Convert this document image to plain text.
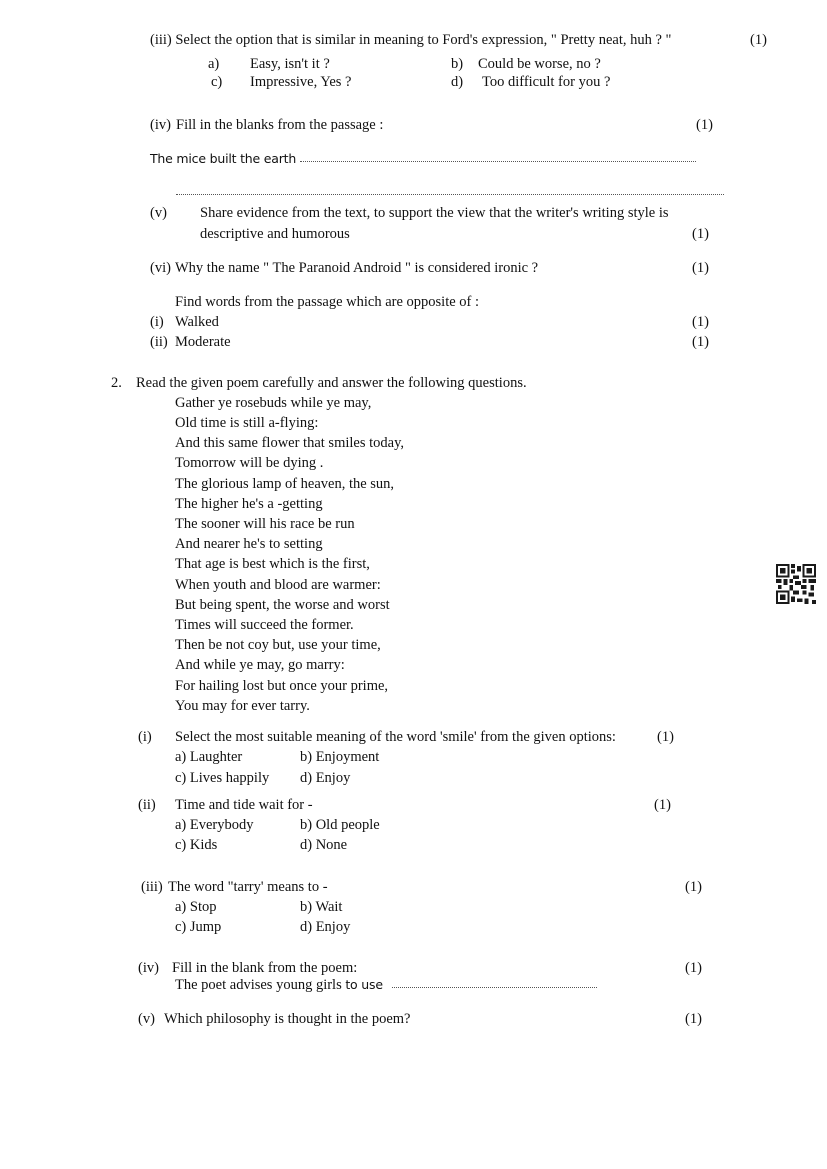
(iii) Select the option that is similar in meaning to Ford's expression, " Pretty neat, huh ? "	(1)
a) Easy, isn't it ?	b) Could be worse, no ?
c) Impressive, Yes ?	d) Too difficult for you ?
(iv) Fill in the blanks from the passage :	(1)
The mice built the earth
(v) Share evidence from the text, to support the view that the writer's writing style is
descriptive and humorous	(1)
(vi) Why the name " The Paranoid Android " is considered ironic ?	(1)
Find words from the passage which are opposite of :
(i) Walked	(1)
(ii) Moderate	(1)
2. Read the given poem carefully and answer the following questions.
Gather ye rosebuds while ye may,
Old time is still a-flying:
And this same flower that smiles today,
Tomorrow will be dying .
The glorious lamp of heaven, the sun,
The higher he's a -getting
The sooner will his race be run
And nearer he's to setting
That age is best which is the first,
When youth and blood are warmer:
But being spent, the worse and worst
Times will succeed the former.
Then be not coy but, use your time,
And while ye may, go marry:
For hailing lost but once your prime,
You may for ever tarry.
(i) Select the most suitable meaning of the word 'smile' from the given options:	(1)
a) Laughter	b) Enjoyment
c) Lives happily d) Enjoy
(ii) Time and tide wait for -	(1)
a) Everybody	b) Old people
c) Kids	d) None
(iii) The word "tarry' means to -	(1)
a) Stop	b) Wait
c) Jump	d) Enjoy
(iv) Fill in the blank from the poem:	(1)
The poet advises young girls to use
(v) Which philosophy is thought in the poem?	(1)
